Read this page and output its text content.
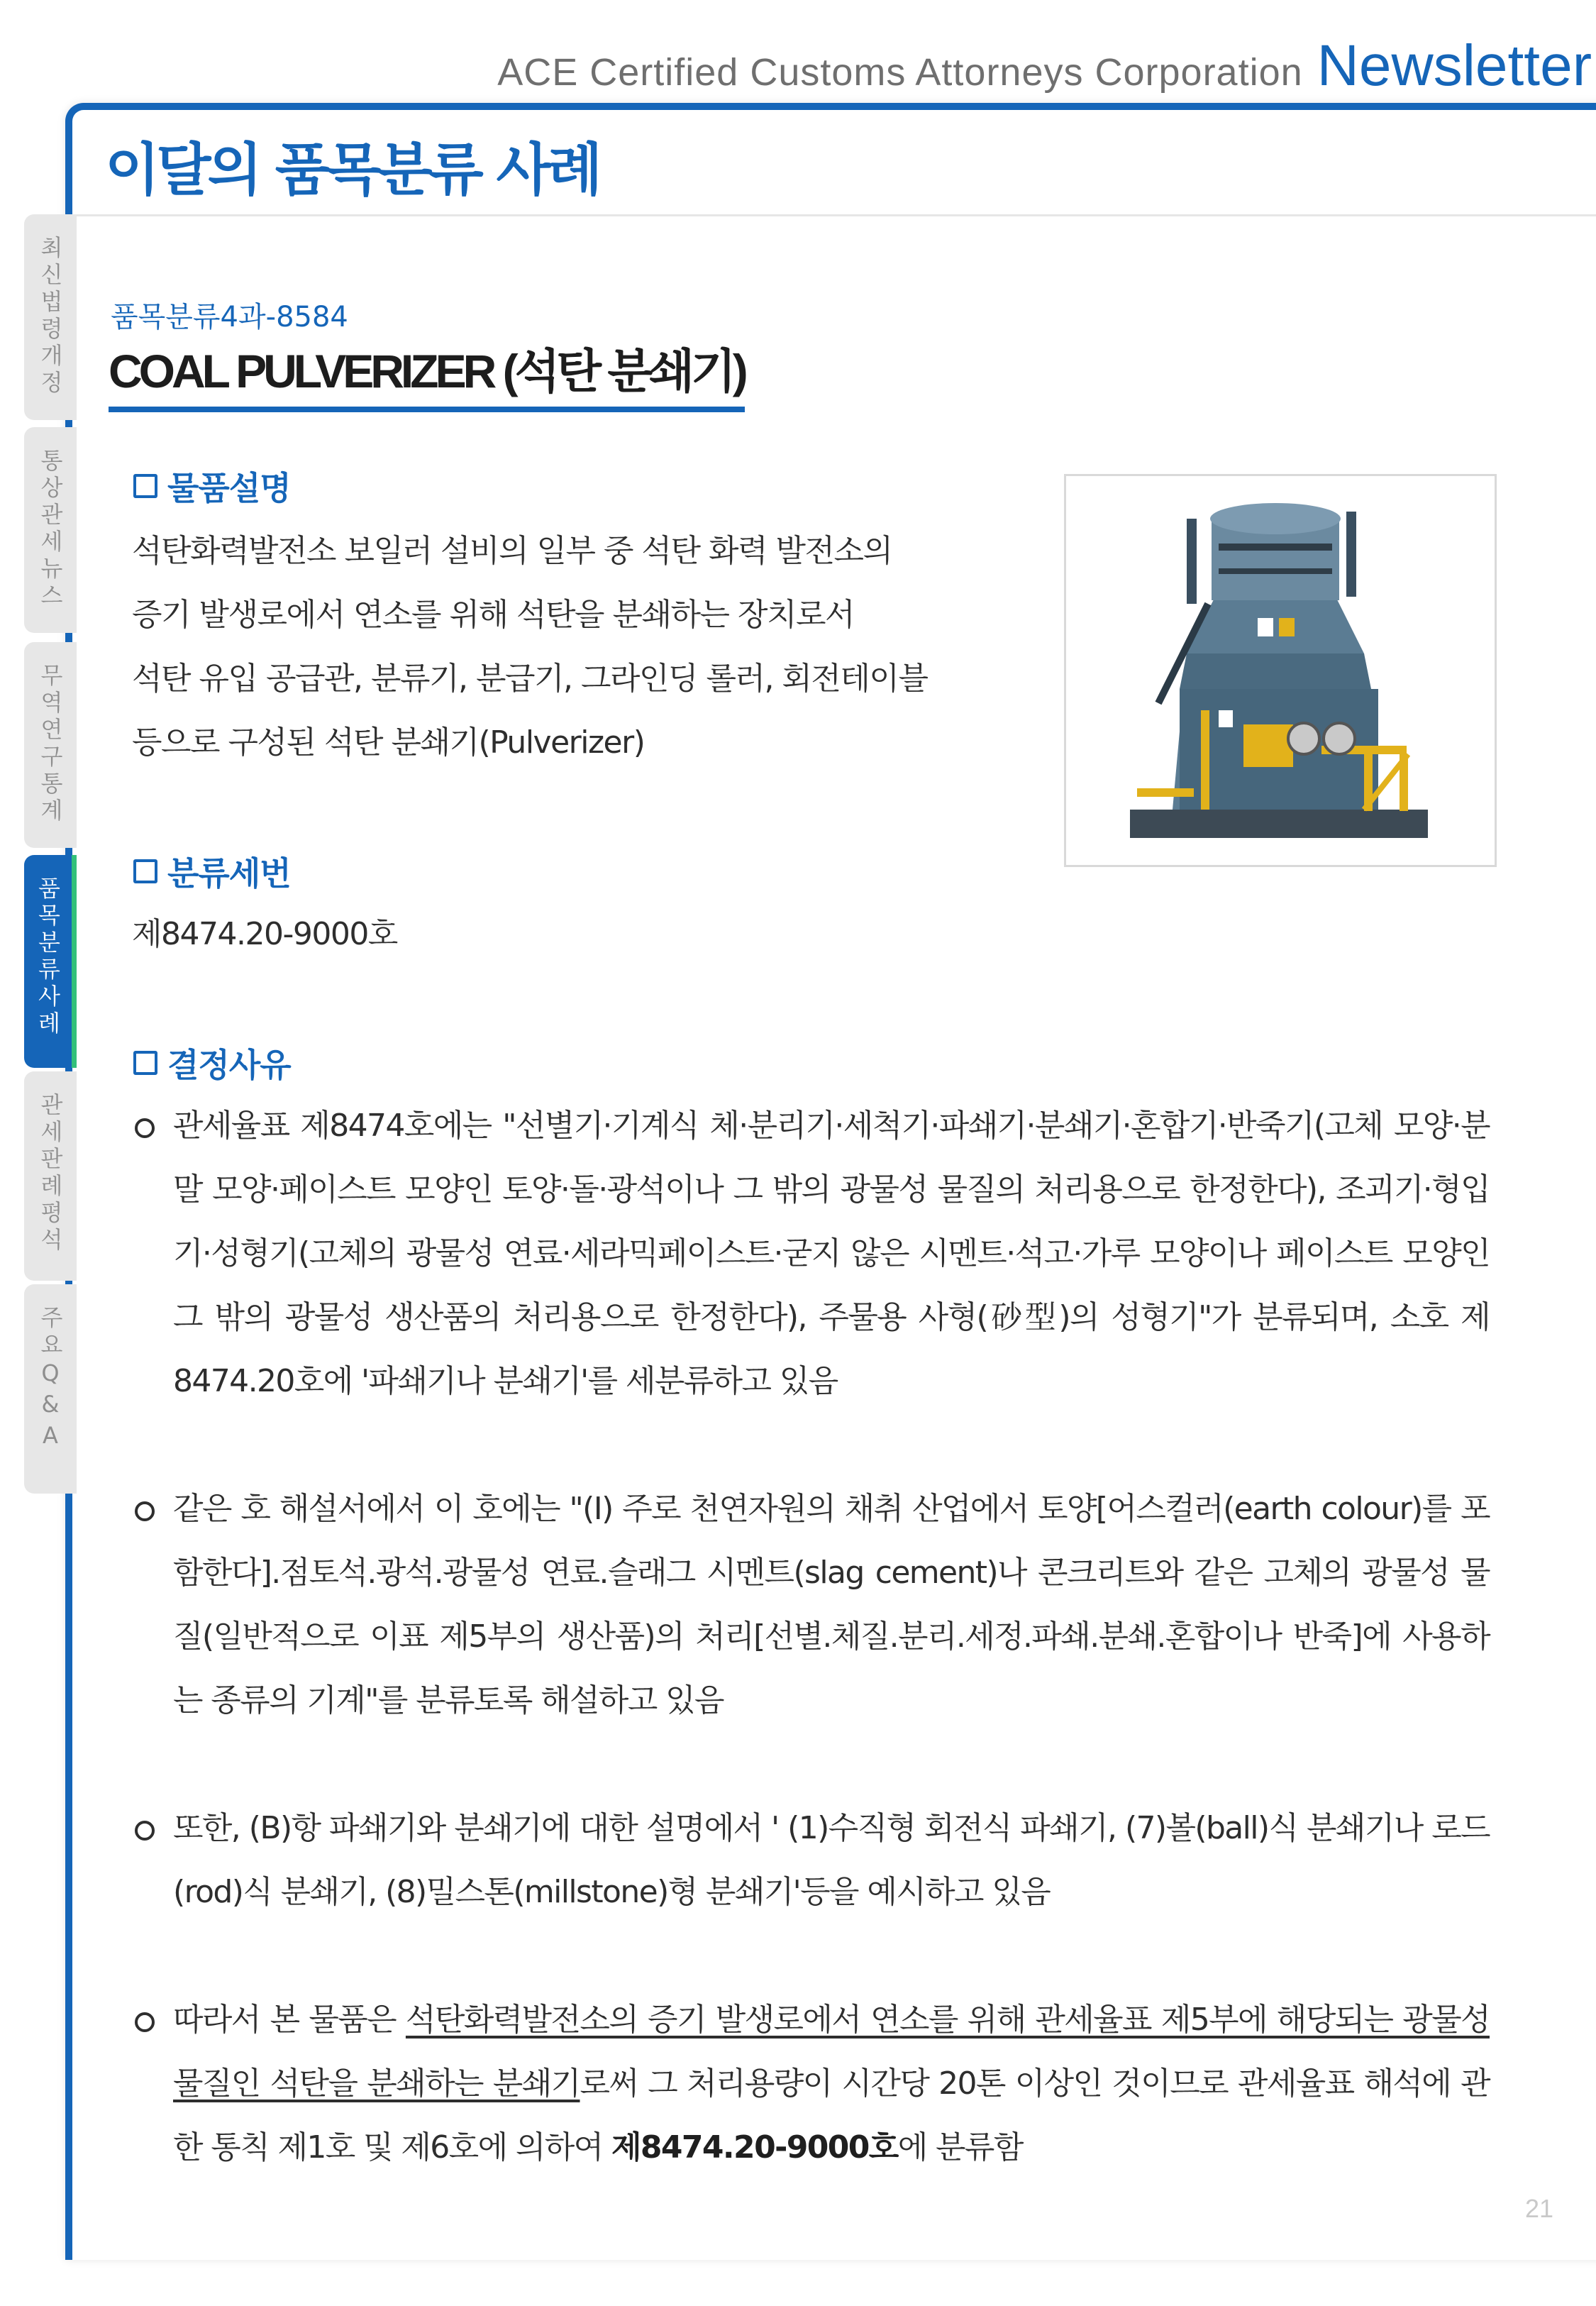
ACE Certified Customs Attorneys Corporation Newsletter
이달의 품목분류 사례
최신법령개정
통상관세뉴스
무역연구통계
품목분류사례
관세판례평석
주요Q&A
품목분류4과-8584
COAL PULVERIZER (석탄 분쇄기)
물품설명

석탄화력발전소 보일러 설비의 일부 중 석탄 화력 발전소의
증기 발생로에서 연소를 위해 석탄을 분쇄하는 장치로서
석탄 유입 공급관, 분류기, 분급기, 그라인딩 롤러, 회전테이블
등으로 구성된 석탄 분쇄기(Pulverizer)

분류세번

제8474.20-9000호

결정사유

관세율표 제8474호에는 "선별기·기계식 체·분리기·세척기·파쇄기·분쇄기·혼합기·반죽기(고체 모양·분말 모양·페이스트 모양인 토양·돌·광석이나 그 밖의 광물성 물질의 처리용으로 한정한다), 조괴기·형입기·성형기(고체의 광물성 연료·세라믹페이스트·굳지 않은 시멘트·석고·가루 모양이나 페이스트 모양인 그 밖의 광물성 생산품의 처리용으로 한정한다), 주물용 사형(砂型)의 성형기"가 분류되며, 소호 제8474.20호에 '파쇄기나 분쇄기'를 세분류하고 있음

같은 호 해설서에서 이 호에는 "(I) 주로 천연자원의 채취 산업에서 토양[어스컬러(earth colour)를 포함한다].점토석.광석.광물성 연료.슬래그 시멘트(slag cement)나 콘크리트와 같은 고체의 광물성 물질(일반적으로 이표 제5부의 생산품)의 처리[선별.체질.분리.세정.파쇄.분쇄.혼합이나 반죽]에 사용하는 종류의 기계"를 분류토록 해설하고 있음

또한, (B)항 파쇄기와 분쇄기에 대한 설명에서 ' (1)수직형 회전식 파쇄기, (7)볼(ball)식 분쇄기나 로드(rod)식 분쇄기, (8)밀스톤(millstone)형 분쇄기'등을 예시하고 있음

따라서 본 물품은 석탄화력발전소의 증기 발생로에서 연소를 위해 관세율표 제5부에 해당되는 광물성 물질인 석탄을 분쇄하는 분쇄기로써 그 처리용량이 시간당 20톤 이상인 것이므로 관세율표 해석에 관한 통칙 제1호 및 제6호에 의하여 제8474.20-9000호에 분류함

21
